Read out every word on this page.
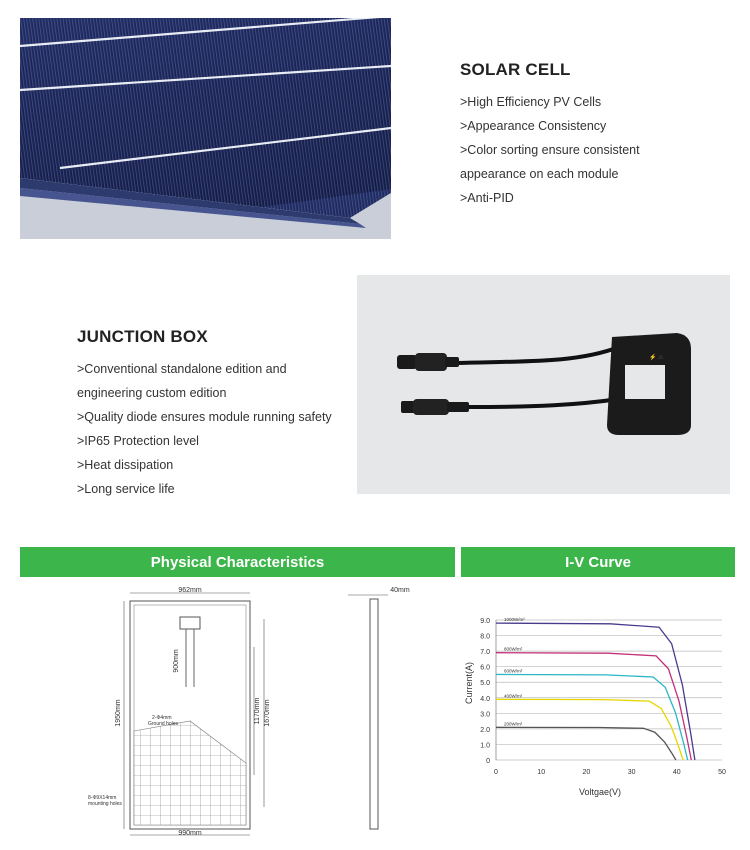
SOLAR CELL
>High Efficiency PV Cells
>Appearance Consistency
>Color sorting ensure consistent
appearance on each module
>Anti-PID
JUNCTION BOX
>Conventional standalone edition and
engineering custom edition
>Quality diode ensures module running safety
>IP65 Protection level
>Heat dissipation
>Long service life
⚡ ⚠
Physical Characteristics	I-V Curve
962mm
990mm
1950mm
900mm
1170mm 1670mm
2-Φ4mm
Ground holes
8-Φ9X14mm
mounting holes
40mm
0
1.0
2.0
3.0
4.0
5.0
6.0
7.0
8.0
9.0
0	10	20	30	40	50
1000W/m²
800W/m²
600W/m²
400W/m²
200W/m²
Voltgae(V)
Current(A)
